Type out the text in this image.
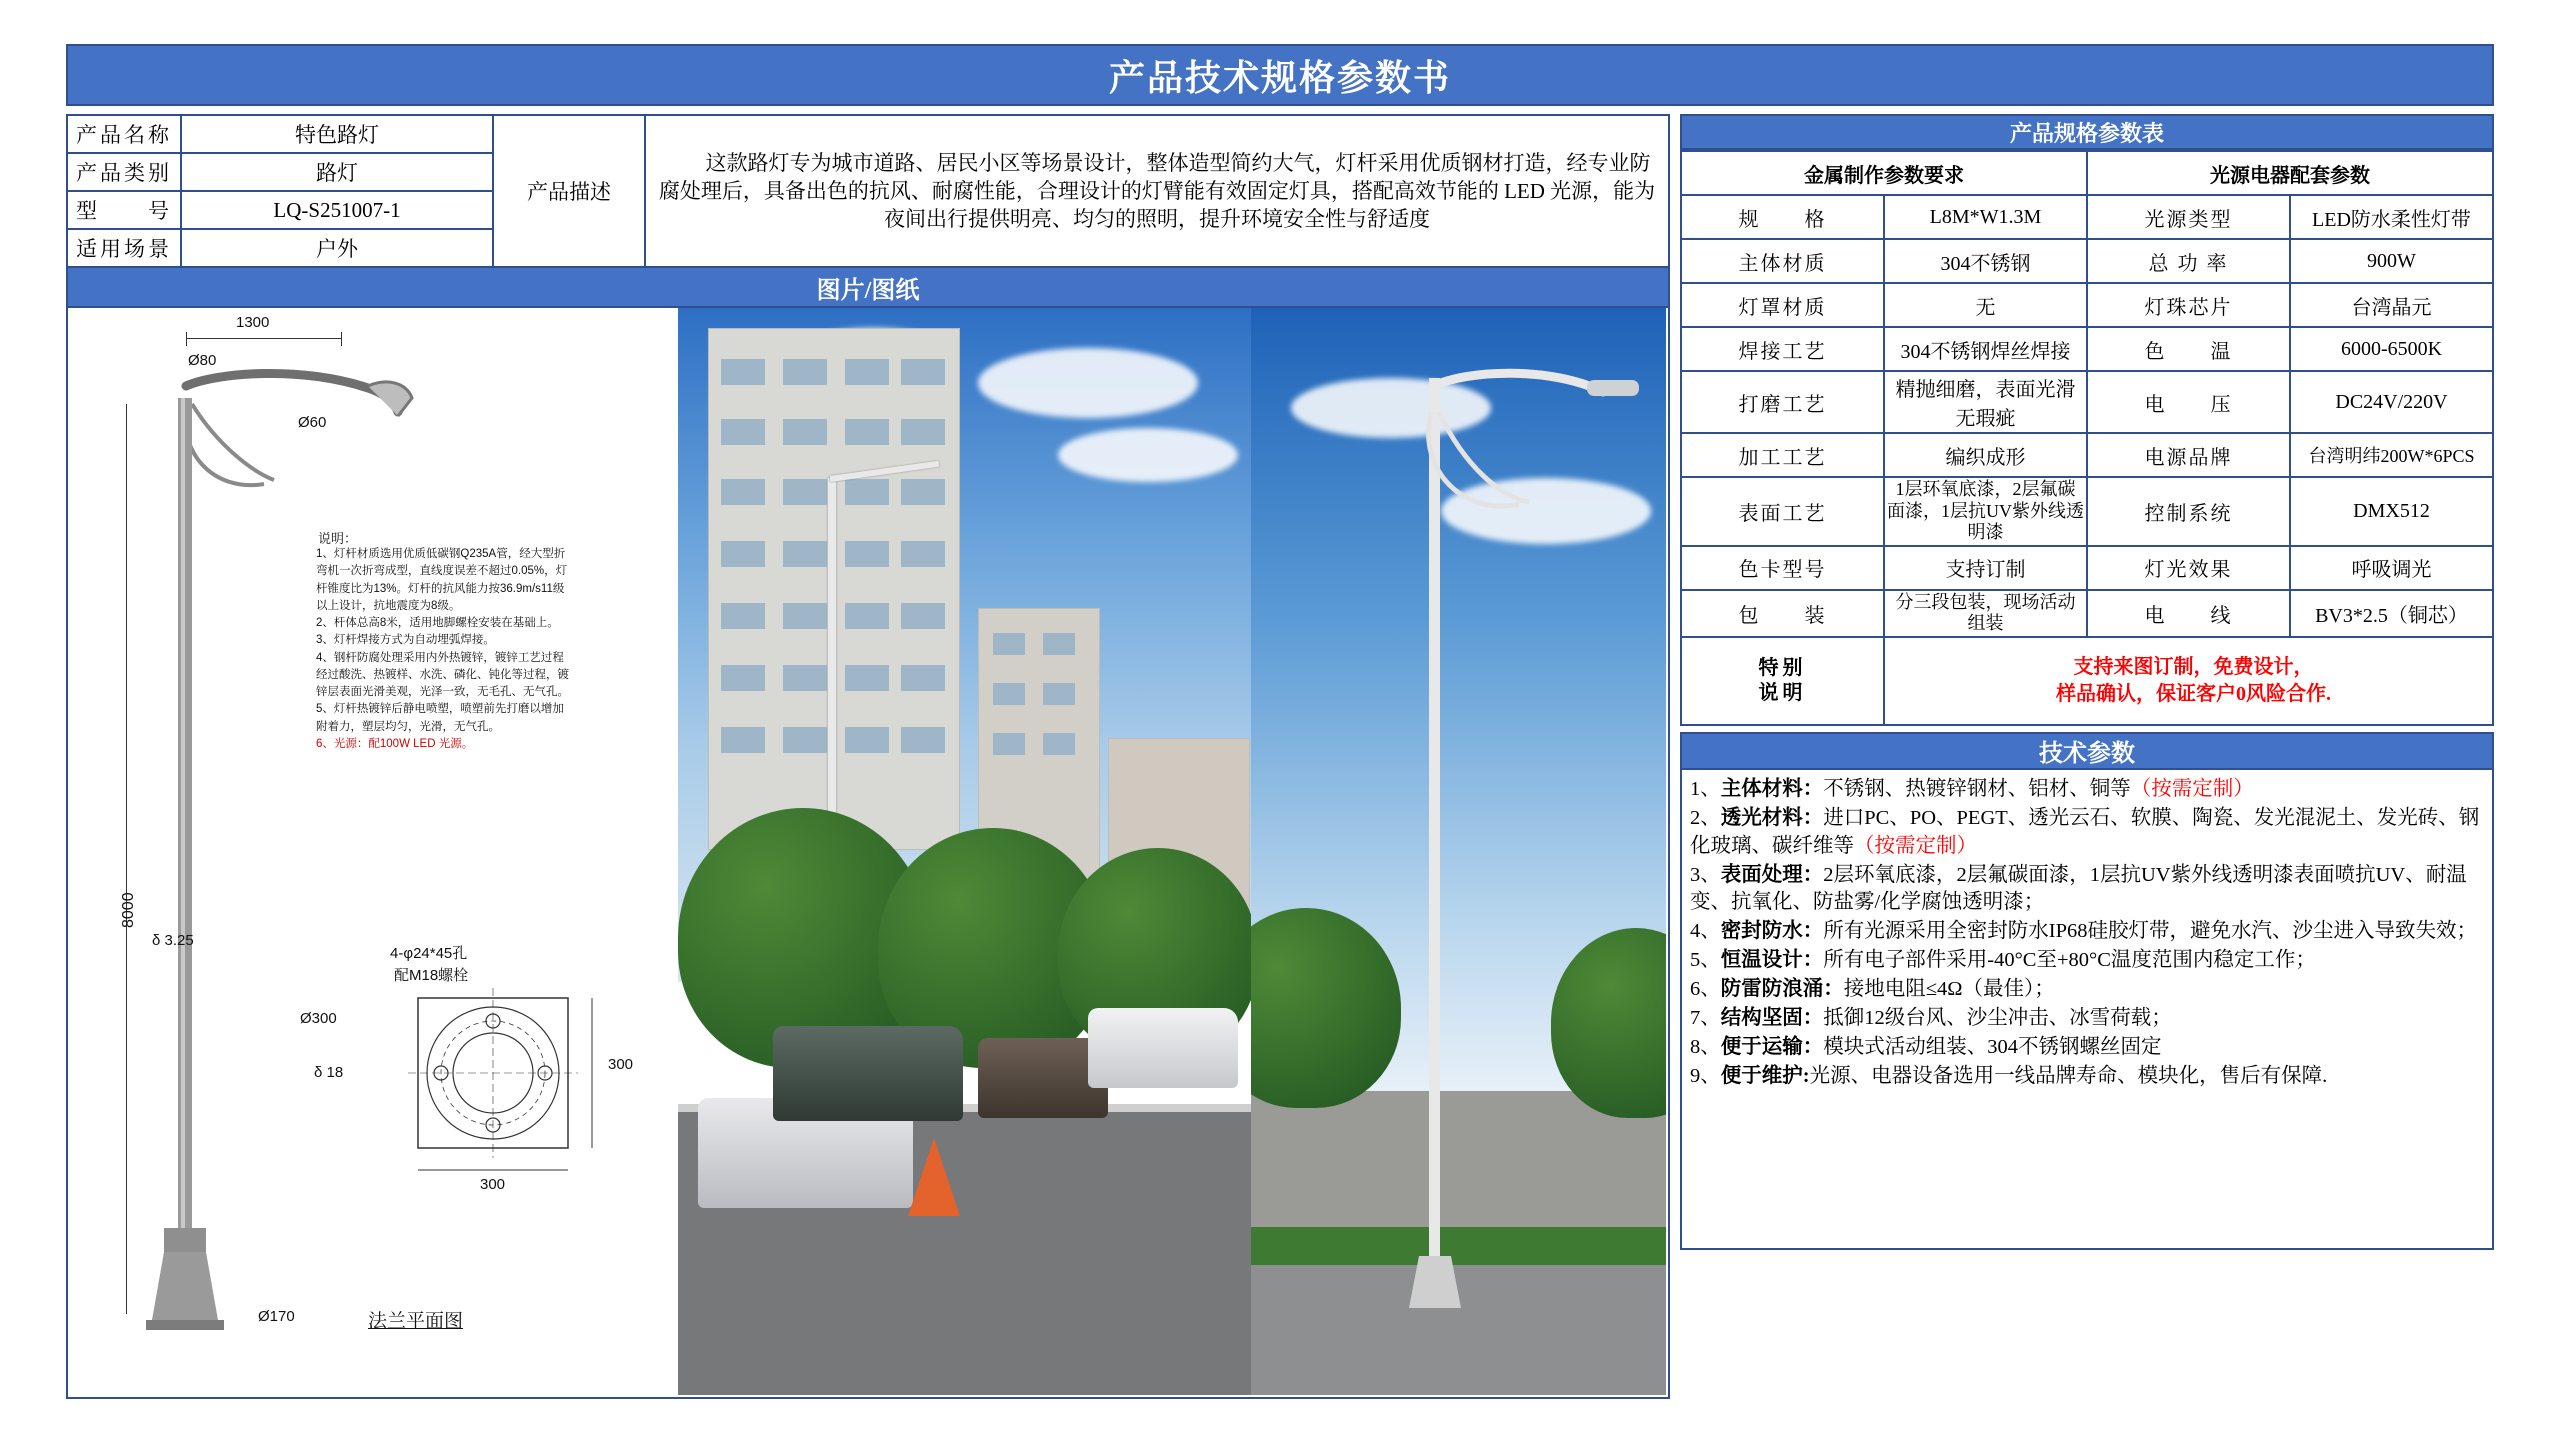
产品技术规格参数书
产品名称	特色路灯	产品描述	这款路灯专为城市道路、居民小区等场景设计，整体造型简约大气，灯杆采用优质钢材打造，经专业防腐处理后，具备出色的抗风、耐腐性能，合理设计的灯臂能有效固定灯具，搭配高效节能的 LED 光源，能为夜间出行提供明亮、均匀的照明，提升环境安全性与舒适度
产品类别	路灯		
型　　号	LQ-S251007-1		
适用场景	户外		
图片/图纸
1300
Ø80
Ø60
8000
δ 3.25
说明：
1、灯杆材质选用优质低碳钢Q235A管，经大型折弯机一次折弯成型，直线度误差不超过0.05%，灯杆锥度比为13%。灯杆的抗风能力按36.9m/s11级以上设计，抗地震度为8级。
2、杆体总高8米，适用地脚螺栓安装在基础上。
3、灯杆焊接方式为自动埋弧焊接。
4、钢杆防腐处理采用内外热镀锌，镀锌工艺过程经过酸洗、热镀样、水洗、磷化、钝化等过程，镀锌层表面光滑美观，光泽一致，无毛孔、无气孔。
5、灯杆热镀锌后静电喷塑，喷塑前先打磨以增加附着力，塑层均匀，光滑，无气孔。
6、光源：配100W LED 光源。
4-φ24*45孔
配M18螺栓
Ø300
δ 18	300
300
Ø170	法兰平面图
产品规格参数表
金属制作参数要求		光源电器配套参数	
规　　格	L8M*W1.3M	光源类型	LED防水柔性灯带
主体材质	304不锈钢	总 功 率	900W
灯罩材质	无	灯珠芯片	台湾晶元
焊接工艺	304不锈钢焊丝焊接	色　　温	6000-6500K
打磨工艺	精抛细磨，表面光滑无瑕疵	电　　压	DC24V/220V
加工工艺	编织成形	电源品牌	台湾明纬200W*6PCS
表面工艺	1层环氧底漆，2层氟碳面漆，1层抗UV紫外线透明漆	控制系统	DMX512
色卡型号	支持订制	灯光效果	呼吸调光
包　　装	分三段包装，现场活动组装	电　　线	BV3*2.5（铜芯）

特别
说明

支持来图订制，免费设计，
样品确认，保证客户0风险合作.
技术参数

1、主体材料：不锈钢、热镀锌钢材、铝材、铜等（按需定制）

2、透光材料：进口PC、PO、PEGT、透光云石、软膜、陶瓷、发光混泥土、发光砖、钢化玻璃、碳纤维等（按需定制）

3、表面处理：2层环氧底漆，2层氟碳面漆，1层抗UV紫外线透明漆表面喷抗UV、耐温变、抗氧化、防盐雾/化学腐蚀透明漆；

4、密封防水：所有光源采用全密封防水IP68硅胶灯带，避免水汽、沙尘进入导致失效；

5、恒温设计：所有电子部件采用-40°C至+80°C温度范围内稳定工作；

6、防雷防浪涌：接地电阻≤4Ω（最佳）；

7、结构坚固：抵御12级台风、沙尘冲击、冰雪荷载；

8、便于运输：模块式活动组装、304不锈钢螺丝固定

9、便于维护:光源、电器设备选用一线品牌寿命、模块化，售后有保障.
